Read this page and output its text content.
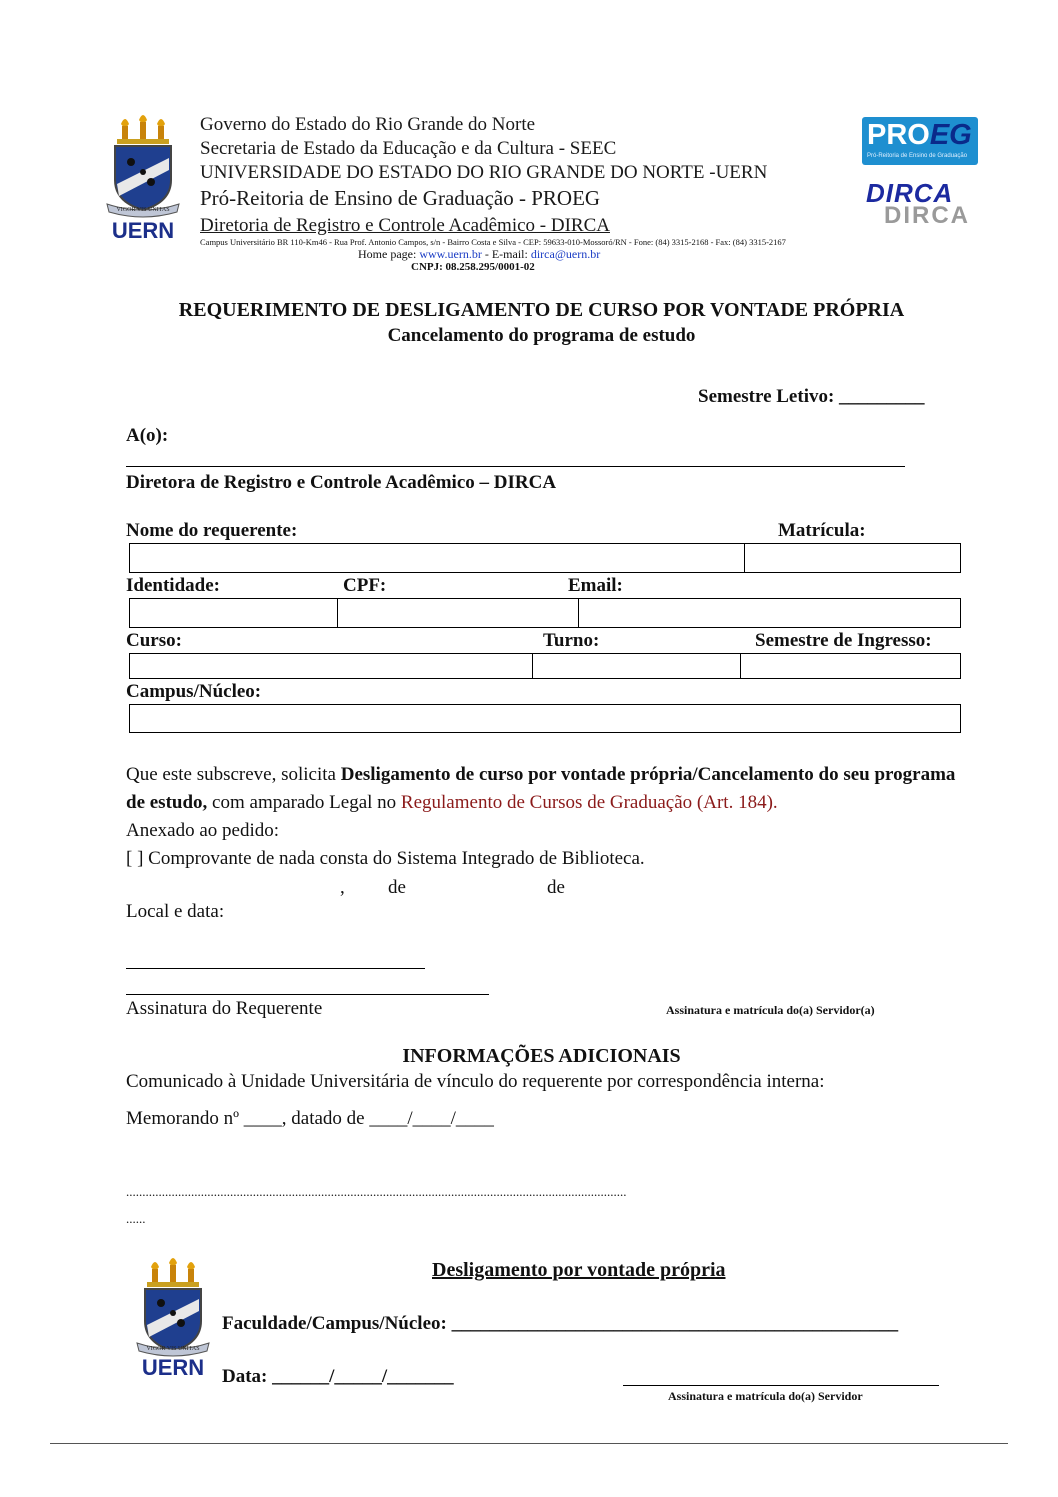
VIGOR VIS UNITAS
UERN
Governo do Estado do Rio Grande do Norte
Secretaria de Estado da Educação e da Cultura - SEEC
UNIVERSIDADE DO ESTADO DO RIO GRANDE DO NORTE -UERN
Pró-Reitoria de Ensino de Graduação - PROEG
Diretoria de Registro e Controle Acadêmico - DIRCA
Campus Universitário BR 110-Km46 - Rua Prof. Antonio Campos, s/n - Bairro Costa e Silva - CEP: 59633-010-Mossoró/RN - Fone: (84) 3315-2168 - Fax: (84) 3315-2167
Home page: www.uern.br - E-mail: dirca@uern.br
CNPJ: 08.258.295/0001-02
PROEG
Pró-Reitoria de Ensino de Graduação
DIRCA
DIRCA
REQUERIMENTO DE DESLIGAMENTO DE CURSO POR VONTADE PRÓPRIA
Cancelamento do programa de estudo
Semestre Letivo: _________
A(o):
Diretora de Registro e Controle Acadêmico – DIRCA
Nome do requerente:	Matrícula:
Identidade:	CPF:	Email:
Curso:	Turno:	Semestre de Ingresso:
Campus/Núcleo:
Que este subscreve, solicita Desligamento de curso por vontade própria/Cancelamento do seu programa de estudo, com amparado Legal no Regulamento de Cursos de Graduação (Art. 184).
Anexado ao pedido:
[ ] Comprovante de nada consta do Sistema Integrado de Biblioteca.
, de	de
Local e data:
Assinatura do Requerente	Assinatura e matrícula do(a) Servidor(a)
INFORMAÇÕES ADICIONAIS
Comunicado à Unidade Universitária de vínculo do requerente por correspondência interna:
Memorando nº ____, datado de ____/____/____
..........................................................................................................................................................
......
VIGOR VIS UNITAS
UERN
Desligamento por vontade própria
Faculdade/Campus/Núcleo: _______________________________________________
Data: ______/_____/_______
Assinatura e matrícula do(a) Servidor
